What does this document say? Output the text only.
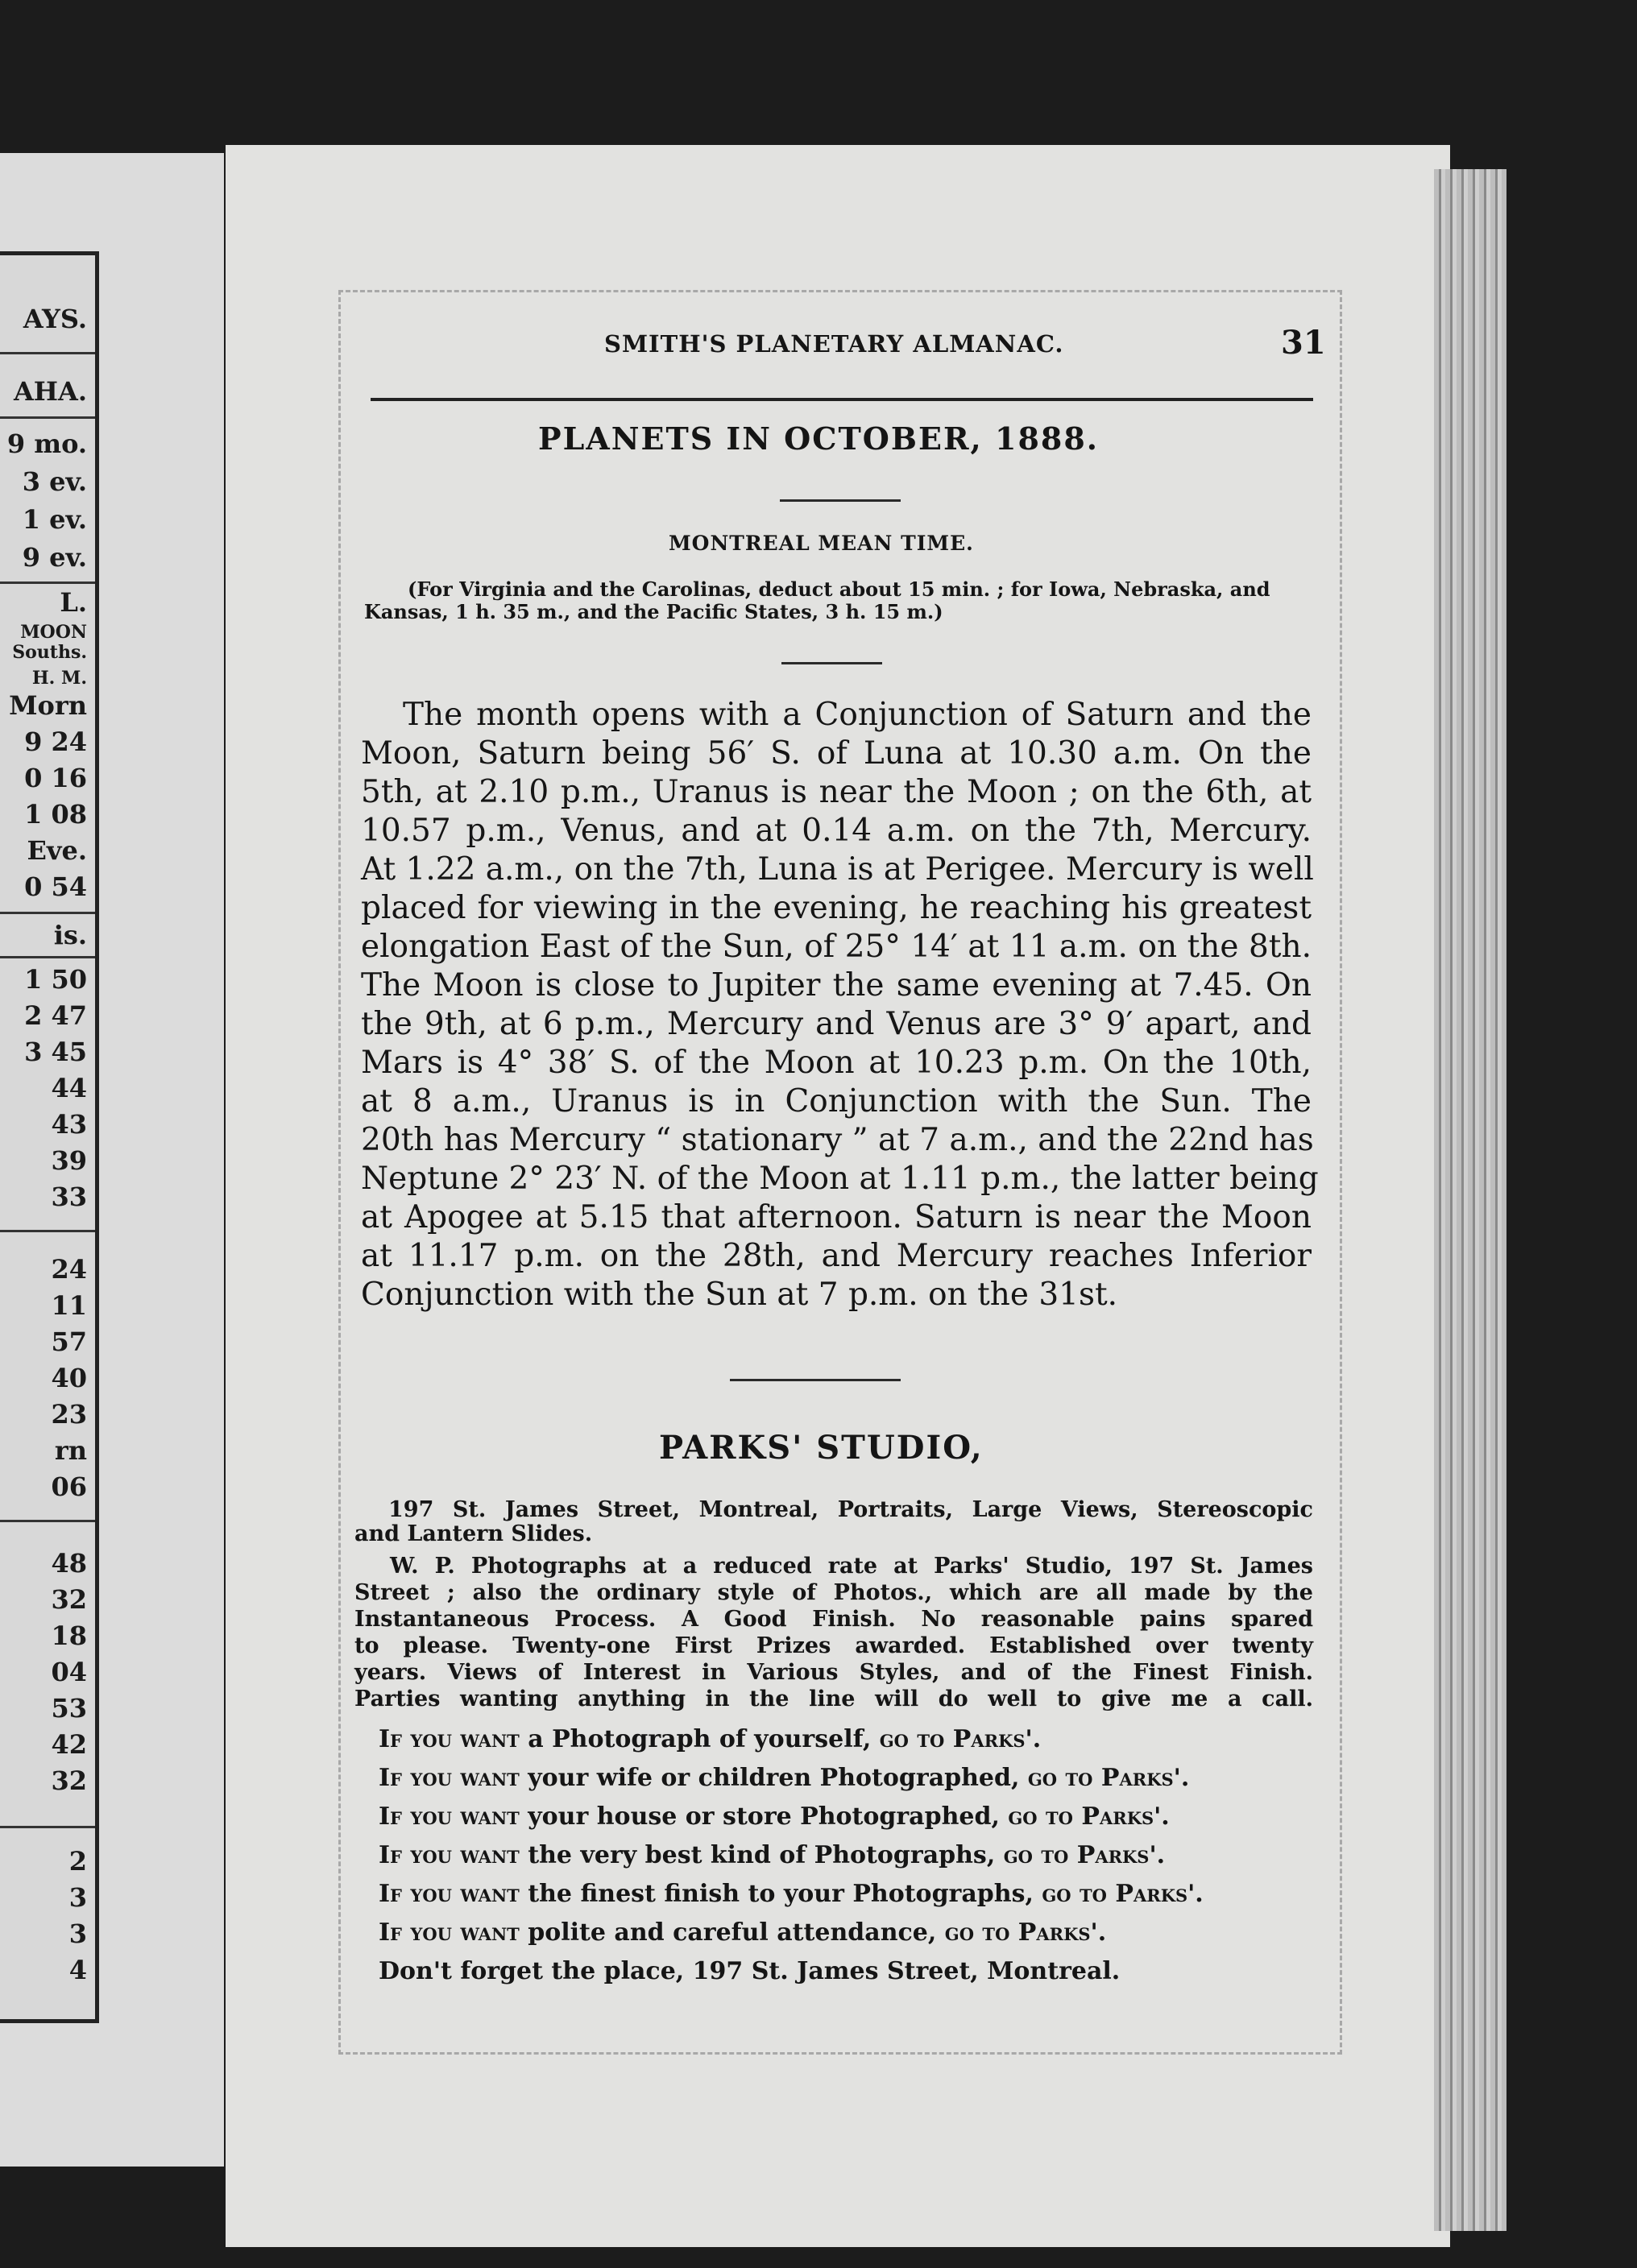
AYS.
AHA.
9 mo.
3 ev.
1 ev.
9 ev.
L.
MOON
Souths.
H. M.
Morn
9 24
0 16
1 08
Eve.
0 54
is.
1 50
2 47
3 45
44
43
39
33
24
11
57
40
23
rn
06
48
32
18
04
53
42
32
2
3
3
4
SMITH'S PLANETARY ALMANAC.	31
PLANETS IN OCTOBER, 1888.
MONTREAL MEAN TIME.
(For Virginia and the Carolinas, deduct about 15 min. ; for Iowa, Nebraska, and
Kansas, 1 h. 35 m., and the Pacific States, 3 h. 15 m.)
The month opens with a Conjunction of Saturn and the
Moon, Saturn being 56′ S. of Luna at 10.30 a.m. On the
5th, at 2.10 p.m., Uranus is near the Moon ; on the 6th, at
10.57 p.m., Venus, and at 0.14 a.m. on the 7th, Mercury.
At 1.22 a.m., on the 7th, Luna is at Perigee. Mercury is well
placed for viewing in the evening, he reaching his greatest
elongation East of the Sun, of 25° 14′ at 11 a.m. on the 8th.
The Moon is close to Jupiter the same evening at 7.45. On
the 9th, at 6 p.m., Mercury and Venus are 3° 9′ apart, and
Mars is 4° 38′ S. of the Moon at 10.23 p.m. On the 10th,
at 8 a.m., Uranus is in Conjunction with the Sun. The
20th has Mercury “ stationary ” at 7 a.m., and the 22nd has
Neptune 2° 23′ N. of the Moon at 1.11 p.m., the latter being
at Apogee at 5.15 that afternoon. Saturn is near the Moon
at 11.17 p.m. on the 28th, and Mercury reaches Inferior
Conjunction with the Sun at 7 p.m. on the 31st.
PARKS' STUDIO,
197 St. James Street, Montreal, Portraits, Large Views, Stereoscopic
and Lantern Slides.
W. P. Photographs at a reduced rate at Parks' Studio, 197 St. James
Street ; also the ordinary style of Photos., which are all made by the
Instantaneous Process. A Good Finish. No reasonable pains spared
to please. Twenty-one First Prizes awarded. Established over twenty
years. Views of Interest in Various Styles, and of the Finest Finish.
Parties wanting anything in the line will do well to give me a call.
If you want a Photograph of yourself, go to Parks'.
If you want your wife or children Photographed, go to Parks'.
If you want your house or store Photographed, go to Parks'.
If you want the very best kind of Photographs, go to Parks'.
If you want the finest finish to your Photographs, go to Parks'.
If you want polite and careful attendance, go to Parks'.
Don't forget the place, 197 St. James Street, Montreal.
